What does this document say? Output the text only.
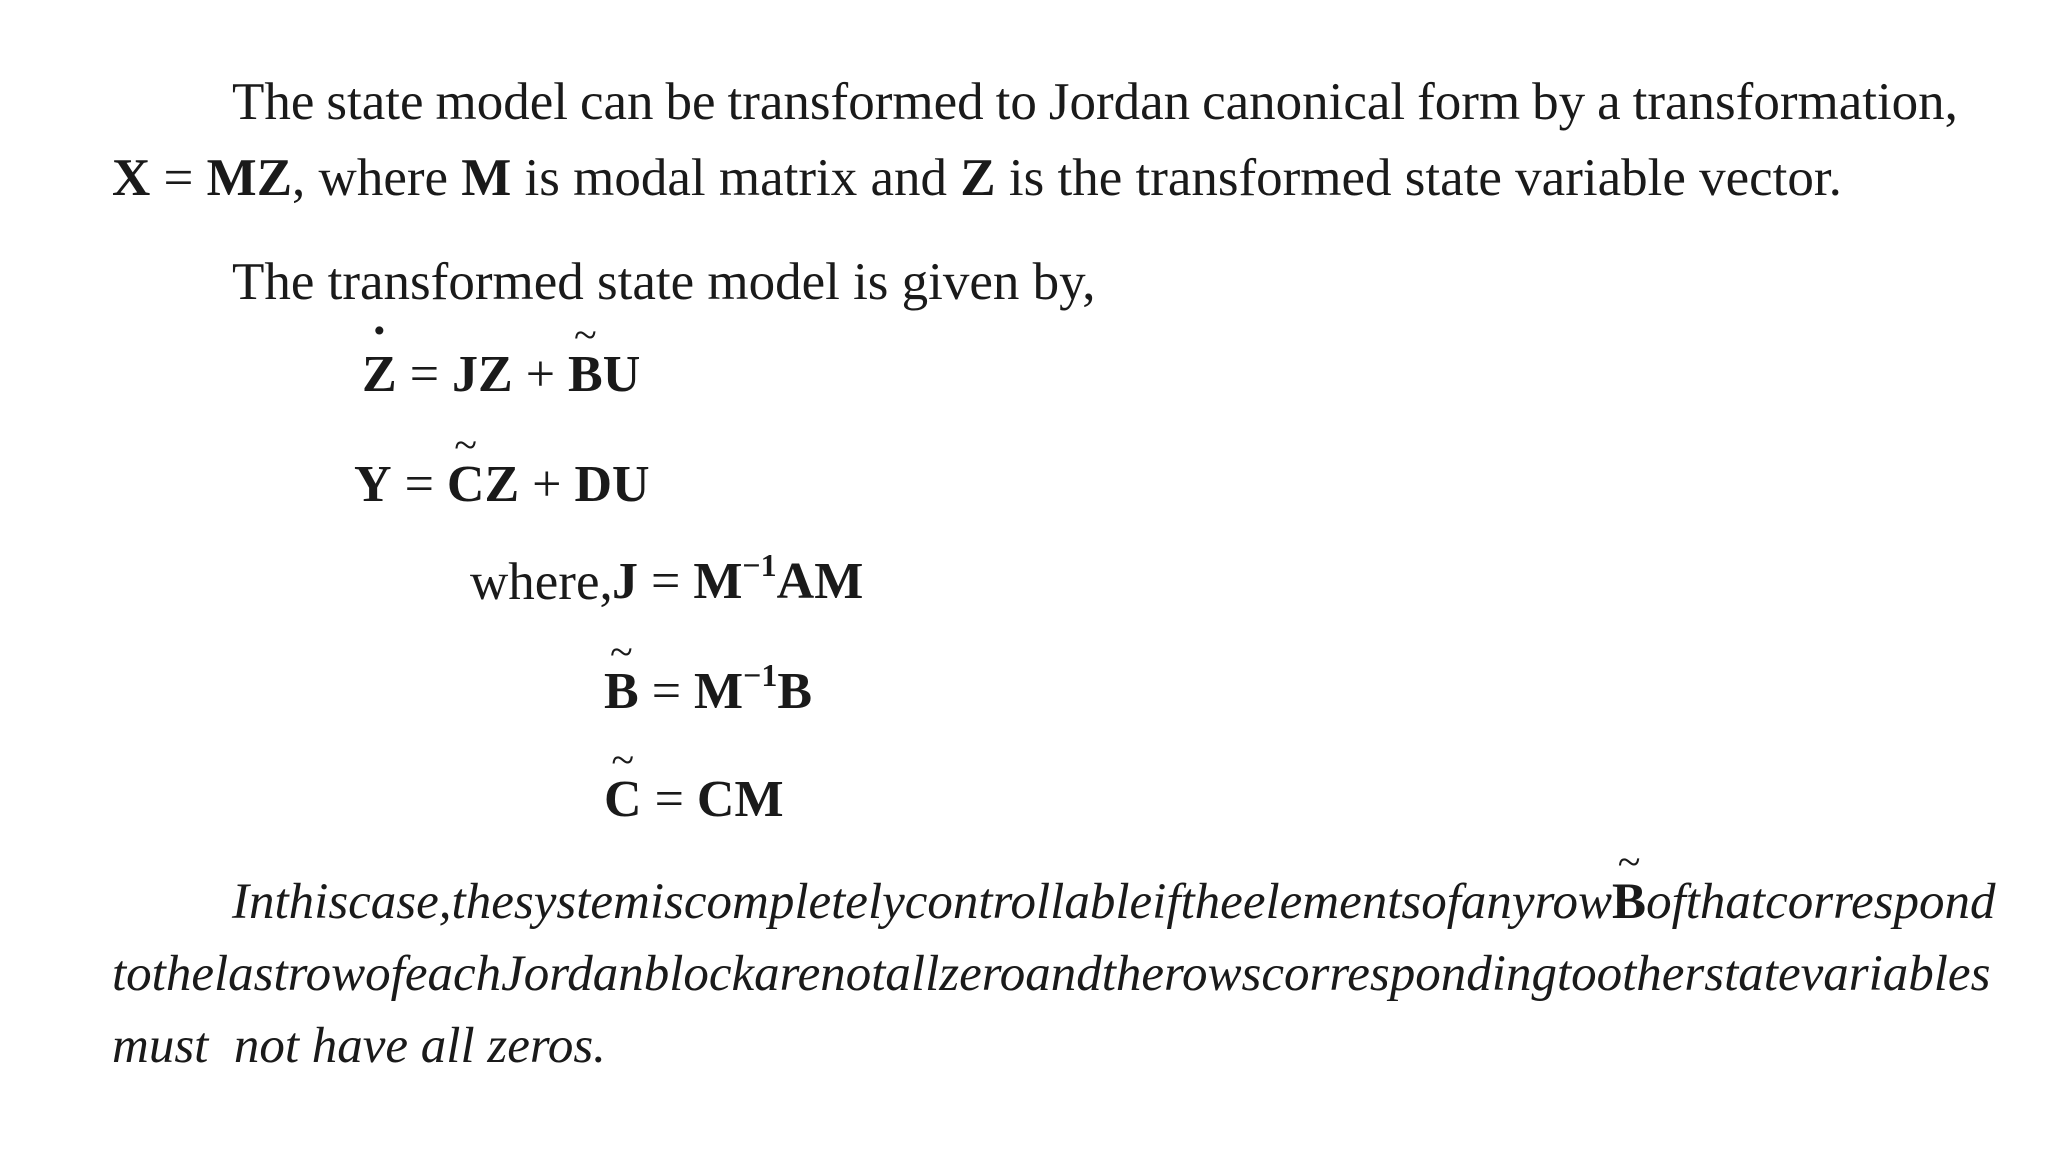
The state model can be transformed to Jordan canonical form by a transformation,
X = MZ, where M is modal matrix and Z is the transformed state variable vector.
The transformed state model is given by,
Z
·
= JZ + B
~
U
Y = C
~
Z + DU
where, $J = M^{-1}AM$
B
~
= $M^{-1}B$
C
~
= CM
In this case, the system is completely controllable if the elements of any row B
~
of that correspond
to the last row of each Jordan block are not all zero and the rows corresponding to other state variables
must  not have all zeros.
